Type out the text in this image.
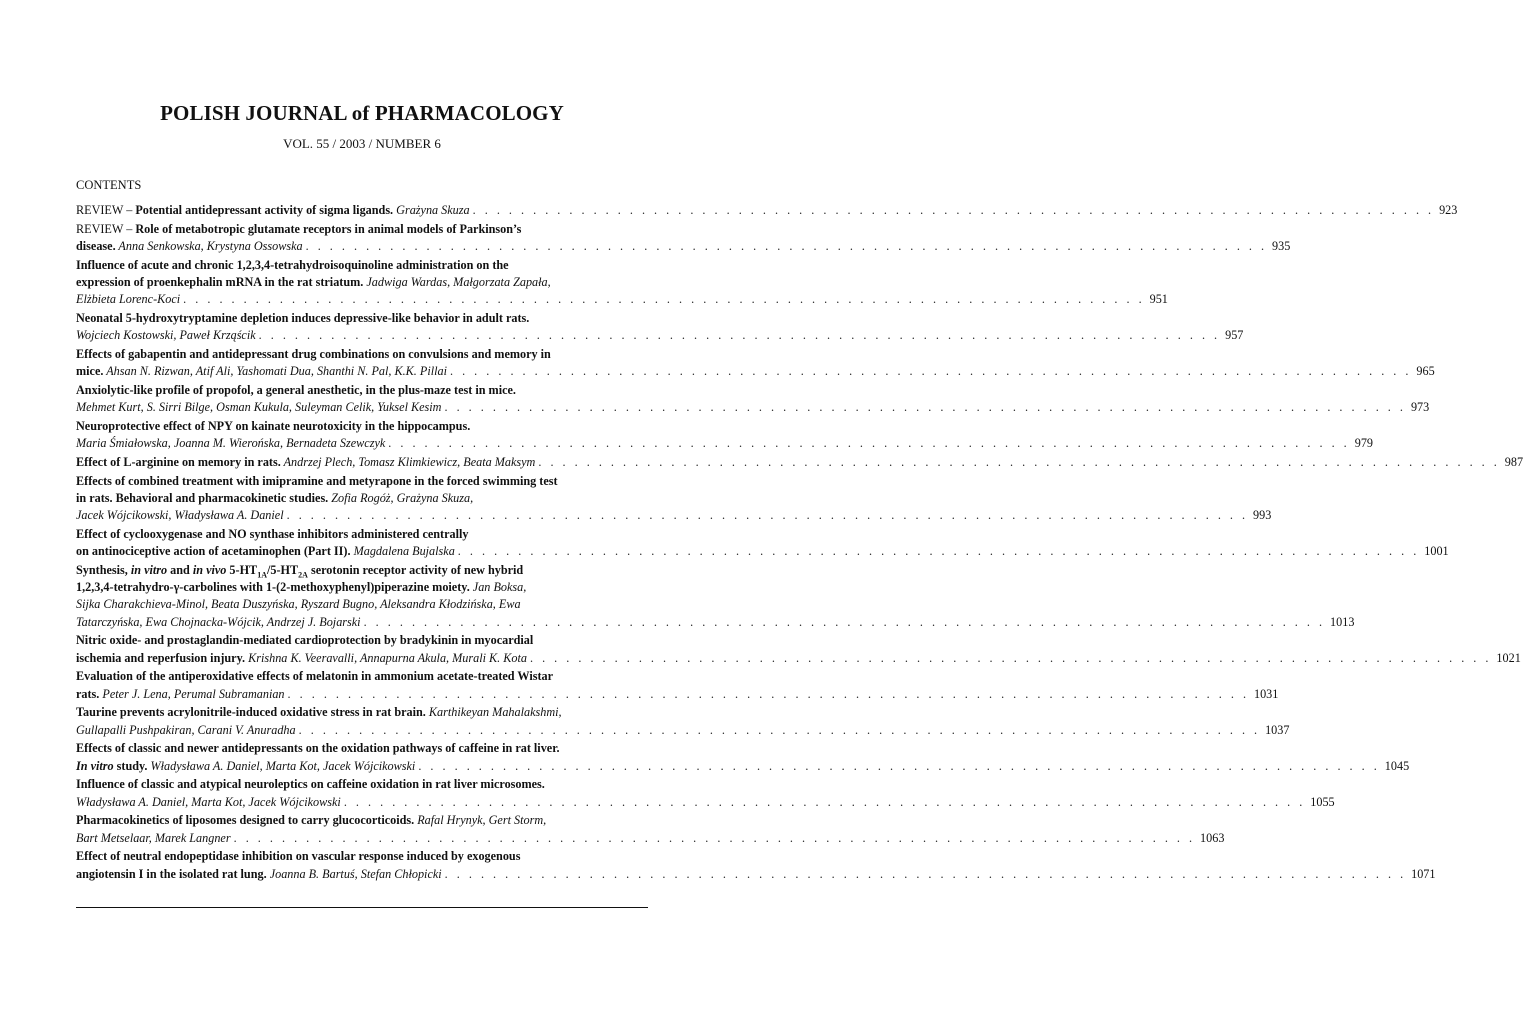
POLISH JOURNAL of PHARMACOLOGY

VOL. 55 / 2003 / NUMBER 6

CONTENTS

REVIEW – Potential antidepressant activity of sigma ligands. Grażyna Skuza . . . . . . . . . . . . . . . . . . . . . . . . . . . . . . . . . . . . . . . . . . . . . . . . . . . . . . . . . . . . . . . . . . . . . . . . . . . . . . . . 923
REVIEW – Role of metabotropic glutamate receptors in animal models of Parkinson’s
disease. Anna Senkowska, Krystyna Ossowska . . . . . . . . . . . . . . . . . . . . . . . . . . . . . . . . . . . . . . . . . . . . . . . . . . . . . . . . . . . . . . . . . . . . . . . . . . . . . . . . 935
Influence of acute and chronic 1,2,3,4-tetrahydroisoquinoline administration on the
expression of proenkephalin mRNA in the rat striatum. Jadwiga Wardas, Małgorzata Zapała,
Elżbieta Lorenc-Koci . . . . . . . . . . . . . . . . . . . . . . . . . . . . . . . . . . . . . . . . . . . . . . . . . . . . . . . . . . . . . . . . . . . . . . . . . . . . . . . . 951
Neonatal 5-hydroxytryptamine depletion induces depressive-like behavior in adult rats.
Wojciech Kostowski, Paweł Krząścik . . . . . . . . . . . . . . . . . . . . . . . . . . . . . . . . . . . . . . . . . . . . . . . . . . . . . . . . . . . . . . . . . . . . . . . . . . . . . . . . 957
Effects of gabapentin and antidepressant drug combinations on convulsions and memory in
mice. Ahsan N. Rizwan, Atif Ali, Yashomati Dua, Shanthi N. Pal, K.K. Pillai . . . . . . . . . . . . . . . . . . . . . . . . . . . . . . . . . . . . . . . . . . . . . . . . . . . . . . . . . . . . . . . . . . . . . . . . . . . . . . . . 965
Anxiolytic-like profile of propofol, a general anesthetic, in the plus-maze test in mice.
Mehmet Kurt, S. Sirri Bilge, Osman Kukula, Suleyman Celik, Yuksel Kesim . . . . . . . . . . . . . . . . . . . . . . . . . . . . . . . . . . . . . . . . . . . . . . . . . . . . . . . . . . . . . . . . . . . . . . . . . . . . . . . . 973
Neuroprotective effect of NPY on kainate neurotoxicity in the hippocampus.
Maria Śmiałowska, Joanna M. Wierońska, Bernadeta Szewczyk . . . . . . . . . . . . . . . . . . . . . . . . . . . . . . . . . . . . . . . . . . . . . . . . . . . . . . . . . . . . . . . . . . . . . . . . . . . . . . . . 979
Effect of L-arginine on memory in rats. Andrzej Plech, Tomasz Klimkiewicz, Beata Maksym . . . . . . . . . . . . . . . . . . . . . . . . . . . . . . . . . . . . . . . . . . . . . . . . . . . . . . . . . . . . . . . . . . . . . . . . . . . . . . . . 987
Effects of combined treatment with imipramine and metyrapone in the forced swimming test
in rats. Behavioral and pharmacokinetic studies. Zofia Rogóż, Grażyna Skuza,
Jacek Wójcikowski, Władysława A. Daniel . . . . . . . . . . . . . . . . . . . . . . . . . . . . . . . . . . . . . . . . . . . . . . . . . . . . . . . . . . . . . . . . . . . . . . . . . . . . . . . . 993
Effect of cyclooxygenase and NO synthase inhibitors administered centrally
on antinociceptive action of acetaminophen (Part II). Magdalena Bujalska . . . . . . . . . . . . . . . . . . . . . . . . . . . . . . . . . . . . . . . . . . . . . . . . . . . . . . . . . . . . . . . . . . . . . . . . . . . . . . . . 1001
Synthesis, in vitro and in vivo $5-HT_{1A}/5-HT_{2A}$ serotonin receptor activity of new hybrid
1,2,3,4-tetrahydro-γ-carbolines with 1-(2-methoxyphenyl)piperazine moiety. Jan Boksa,
Sijka Charakchieva-Minol, Beata Duszyńska, Ryszard Bugno, Aleksandra Kłodzińska, Ewa
Tatarczyńska, Ewa Chojnacka-Wójcik, Andrzej J. Bojarski . . . . . . . . . . . . . . . . . . . . . . . . . . . . . . . . . . . . . . . . . . . . . . . . . . . . . . . . . . . . . . . . . . . . . . . . . . . . . . . . 1013
Nitric oxide- and prostaglandin-mediated cardioprotection by bradykinin in myocardial
ischemia and reperfusion injury. Krishna K. Veeravalli, Annapurna Akula, Murali K. Kota . . . . . . . . . . . . . . . . . . . . . . . . . . . . . . . . . . . . . . . . . . . . . . . . . . . . . . . . . . . . . . . . . . . . . . . . . . . . . . . . 1021
Evaluation of the antiperoxidative effects of melatonin in ammonium acetate-treated Wistar
rats. Peter J. Lena, Perumal Subramanian . . . . . . . . . . . . . . . . . . . . . . . . . . . . . . . . . . . . . . . . . . . . . . . . . . . . . . . . . . . . . . . . . . . . . . . . . . . . . . . . 1031
Taurine prevents acrylonitrile-induced oxidative stress in rat brain. Karthikeyan Mahalakshmi,
Gullapalli Pushpakiran, Carani V. Anuradha . . . . . . . . . . . . . . . . . . . . . . . . . . . . . . . . . . . . . . . . . . . . . . . . . . . . . . . . . . . . . . . . . . . . . . . . . . . . . . . . 1037
Effects of classic and newer antidepressants on the oxidation pathways of caffeine in rat liver.
In vitro study. Władysława A. Daniel, Marta Kot, Jacek Wójcikowski . . . . . . . . . . . . . . . . . . . . . . . . . . . . . . . . . . . . . . . . . . . . . . . . . . . . . . . . . . . . . . . . . . . . . . . . . . . . . . . . 1045
Influence of classic and atypical neuroleptics on caffeine oxidation in rat liver microsomes.
Władysława A. Daniel, Marta Kot, Jacek Wójcikowski . . . . . . . . . . . . . . . . . . . . . . . . . . . . . . . . . . . . . . . . . . . . . . . . . . . . . . . . . . . . . . . . . . . . . . . . . . . . . . . . 1055
Pharmacokinetics of liposomes designed to carry glucocorticoids. Rafal Hrynyk, Gert Storm,
Bart Metselaar, Marek Langner . . . . . . . . . . . . . . . . . . . . . . . . . . . . . . . . . . . . . . . . . . . . . . . . . . . . . . . . . . . . . . . . . . . . . . . . . . . . . . . . 1063
Effect of neutral endopeptidase inhibition on vascular response induced by exogenous
angiotensin I in the isolated rat lung. Joanna B. Bartuś, Stefan Chłopicki . . . . . . . . . . . . . . . . . . . . . . . . . . . . . . . . . . . . . . . . . . . . . . . . . . . . . . . . . . . . . . . . . . . . . . . . . . . . . . . . 1071
